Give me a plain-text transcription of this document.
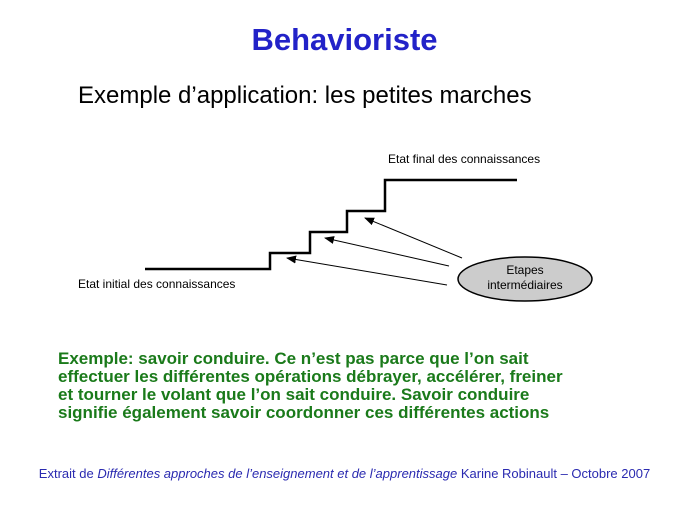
Behavioriste
Exemple d’application: les petites marches
Etapes
intermédiaires
Etat final des connaissances
Etat initial des connaissances
Exemple: savoir conduire. Ce n’est pas parce que l’on sait
effectuer les différentes opérations débrayer, accélérer, freiner
et tourner le volant que l’on sait conduire. Savoir conduire
signifie également savoir coordonner ces différentes actions
Extrait de Différentes approches de l’enseignement et de l’apprentissage Karine Robinault – Octobre 2007
